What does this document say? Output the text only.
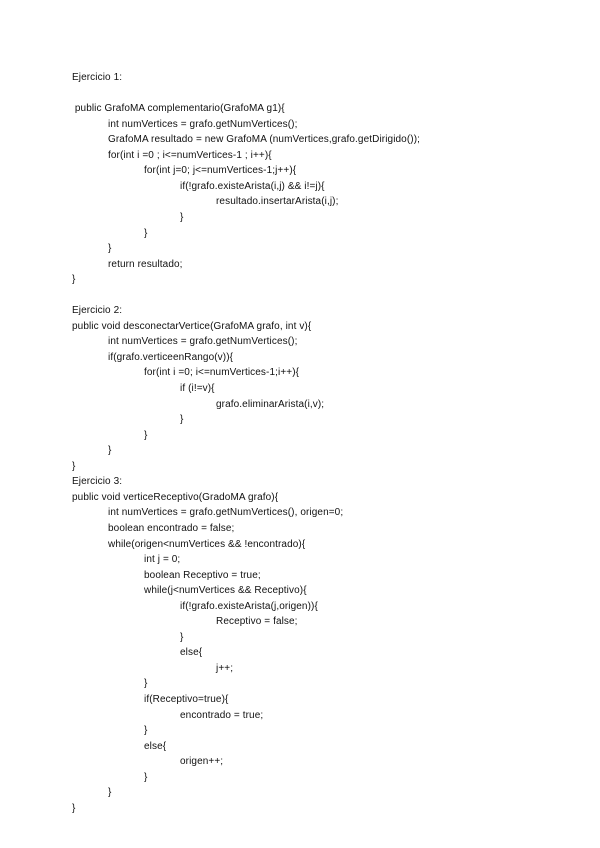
Ejercicio 1:
public GrafoMA complementario(GrafoMA g1){
int numVertices = grafo.getNumVertices();
GrafoMA resultado = new GrafoMA (numVertices,grafo.getDirigido());
for(int i =0 ; i<=numVertices-1 ; i++){
for(int j=0; j<=numVertices-1;j++){
if(!grafo.existeArista(i,j) && i!=j){
resultado.insertarArista(i,j);
}
}
}
return resultado;
}
Ejercicio 2:
public void desconectarVertice(GrafoMA grafo, int v){
int numVertices = grafo.getNumVertices();
if(grafo.verticeenRango(v)){
for(int i =0; i<=numVertices-1;i++){
if (i!=v){
grafo.eliminarArista(i,v);
}
}
}
}
Ejercicio 3:
public void verticeReceptivo(GradoMA grafo){
int numVertices = grafo.getNumVertices(), origen=0;
boolean encontrado = false;
while(origen<numVertices && !encontrado){
int j = 0;
boolean Receptivo = true;
while(j<numVertices && Receptivo){
if(!grafo.existeArista(j,origen)){
Receptivo = false;
}
else{
j++;
}
if(Receptivo=true){
encontrado = true;
}
else{
origen++;
}
}
}
